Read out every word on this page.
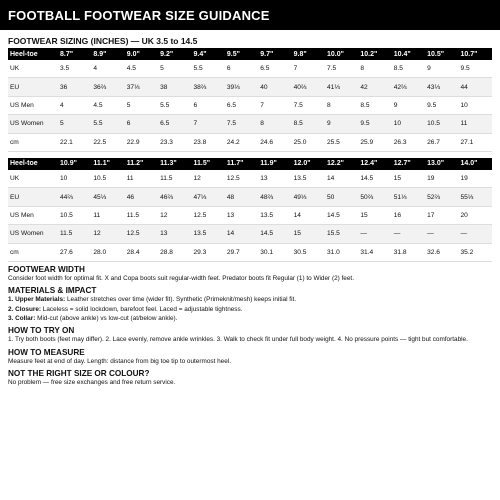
FOOTBALL FOOTWEAR SIZE GUIDANCE
FOOTWEAR SIZING (INCHES) — UK 3.5 to 14.5
Heel-toe	8.7"	8.9"	9.0"	9.2"	9.4"	9.5"	9.7"	9.8"	10.0"	10.2"	10.4"	10.5"	10.7"
UK	3.5	4	4.5	5	5.5	6	6.5	7	7.5	8	8.5	9	9.5
EU	36	36⅔	37⅓	38	38⅔	39⅓	40	40⅔	41⅓	42	42⅔	43⅓	44
US Men	4	4.5	5	5.5	6	6.5	7	7.5	8	8.5	9	9.5	10
US Women	5	5.5	6	6.5	7	7.5	8	8.5	9	9.5	10	10.5	11
cm	22.1	22.5	22.9	23.3	23.8	24.2	24.6	25.0	25.5	25.9	26.3	26.7	27.1
Heel-toe	10.9"	11.1"	11.2"	11.3"	11.5"	11.7"	11.9"	12.0"	12.2"	12.4"	12.7"	13.0"	14.0"
UK	10	10.5	11	11.5	12	12.5	13	13.5	14	14.5	15	19	19
EU	44⅔	45⅓	46	46⅔	47⅓	48	48⅔	49⅓	50	50⅔	51⅓	52⅔	55⅓
US Men	10.5	11	11.5	12	12.5	13	13.5	14	14.5	15	16	17	20
US Women	11.5	12	12.5	13	13.5	14	14.5	15	15.5	—	—	—	—
cm	27.6	28.0	28.4	28.8	29.3	29.7	30.1	30.5	31.0	31.4	31.8	32.6	35.2
FOOTWEAR WIDTH

Consider foot width for optimal fit. X and Copa boots suit regular-width feet. Predator boots fit Regular (1) to Wider (2) feet.

MATERIALS & IMPACT

1. Upper Materials: Leather stretches over time (wider fit). Synthetic (Primeknit/mesh) keeps initial fit.

2. Closure: Laceless = solid lockdown, barefoot feel. Laced = adjustable tightness.

3. Collar: Mid-cut (above ankle) vs low-cut (at/below ankle).

HOW TO TRY ON

1. Try both boots (feet may differ). 2. Lace evenly, remove ankle wrinkles. 3. Walk to check fit under full body weight. 4. No pressure points — tight but comfortable.

HOW TO MEASURE

Measure feet at end of day. Length: distance from big toe tip to outermost heel.

NOT THE RIGHT SIZE OR COLOUR?

No problem — free size exchanges and free return service.
